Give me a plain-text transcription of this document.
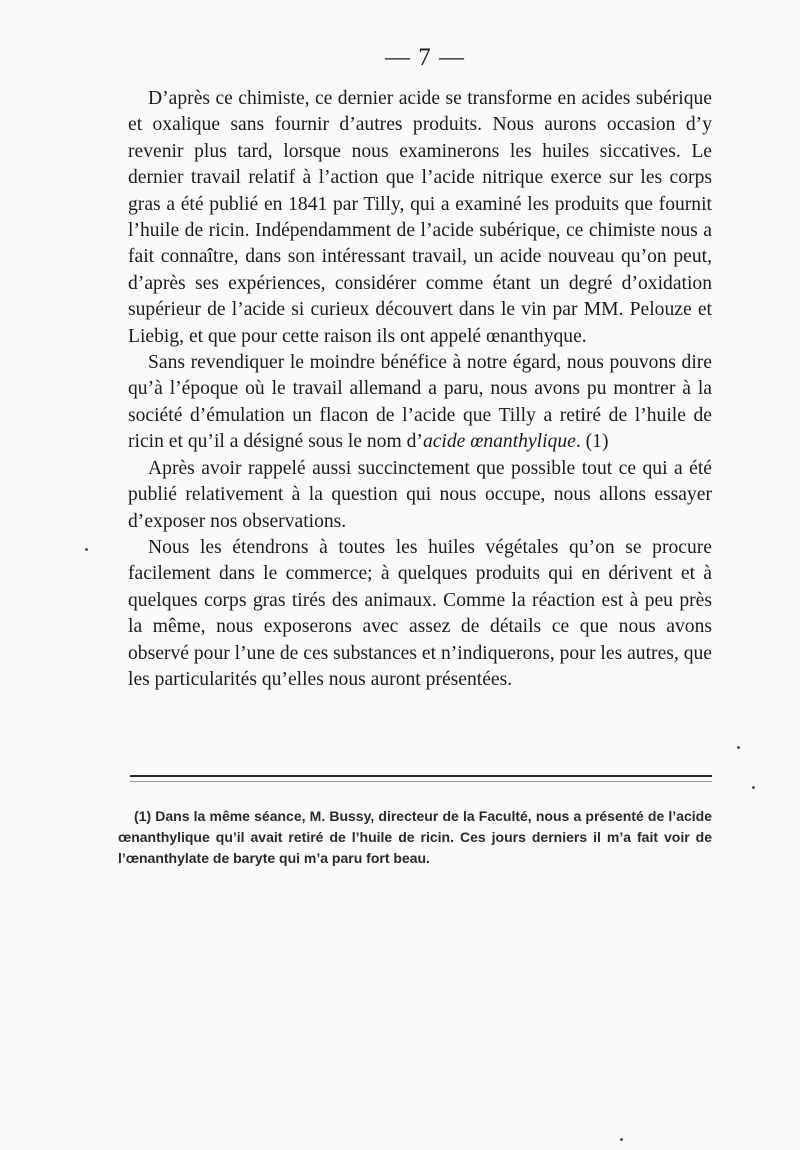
— 7 —

D’après ce chimiste, ce dernier acide se transforme en acides subérique et oxalique sans fournir d’autres produits. Nous aurons occasion d’y revenir plus tard, lorsque nous examinerons les huiles siccatives. Le dernier travail relatif à l’action que l’acide nitrique exerce sur les corps gras a été publié en 1841 par Tilly, qui a examiné les produits que fournit l’huile de ricin. Indépendamment de l’acide subérique, ce chimiste nous a fait connaître, dans son intéressant travail, un acide nouveau qu’on peut, d’après ses expériences, considérer comme étant un degré d’oxidation supérieur de l’acide si curieux découvert dans le vin par MM. Pelouze et Liebig, et que pour cette raison ils ont appelé œnanthyque.

Sans revendiquer le moindre bénéfice à notre égard, nous pouvons dire qu’à l’époque où le travail allemand a paru, nous avons pu montrer à la société d’émulation un flacon de l’acide que Tilly a retiré de l’huile de ricin et qu’il a désigné sous le nom d’acide œnanthylique. (1)

Après avoir rappelé aussi succinctement que possible tout ce qui a été publié relativement à la question qui nous occupe, nous allons essayer d’exposer nos observations.

Nous les étendrons à toutes les huiles végétales qu’on se procure facilement dans le commerce; à quelques produits qui en dérivent et à quelques corps gras tirés des animaux. Comme la réaction est à peu près la même, nous exposerons avec assez de détails ce que nous avons observé pour l’une de ces substances et n’indiquerons, pour les autres, que les particularités qu’elles nous auront présentées.

(1) Dans la même séance, M. Bussy, directeur de la Faculté, nous a présenté de l’acide œnanthylique qu’il avait retiré de l’huile de ricin. Ces jours derniers il m’a fait voir de l’œnanthylate de baryte qui m’a paru fort beau.
